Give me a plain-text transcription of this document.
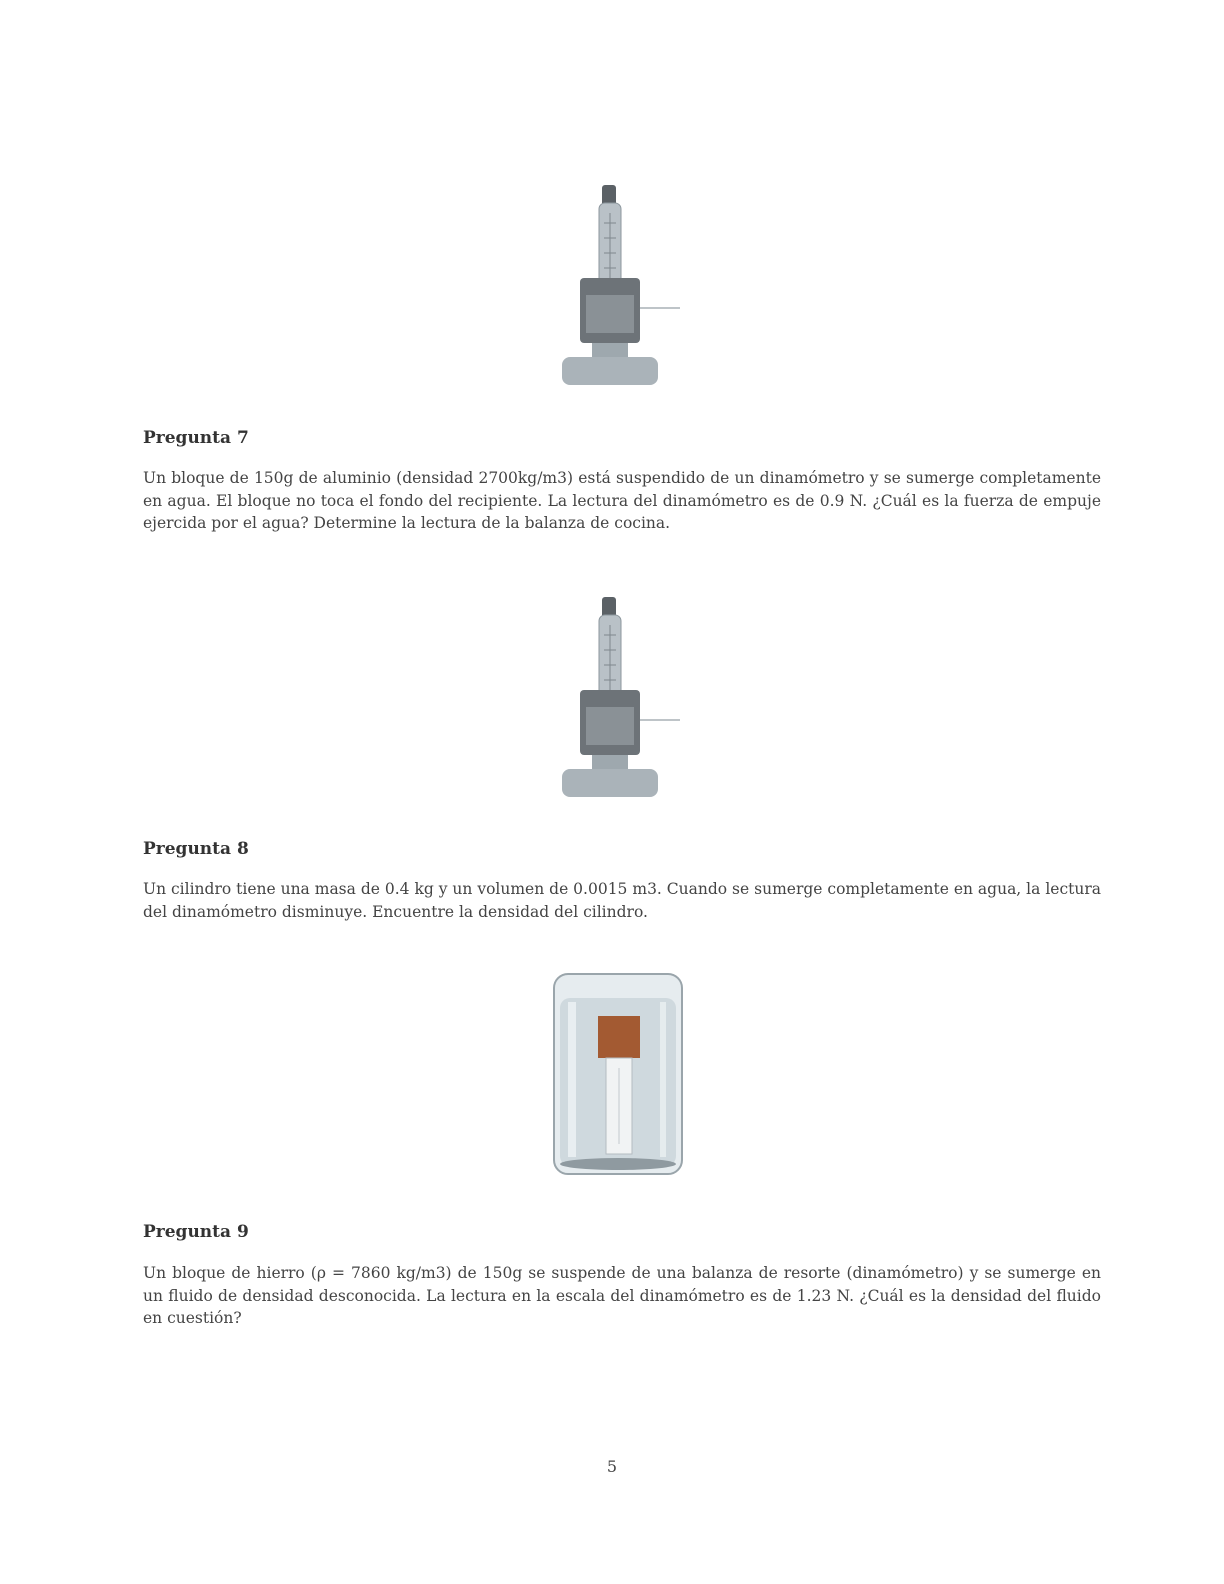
Pregunta 7

Un bloque de 150g de aluminio (densidad 2700kg/m3) está suspendido de un dinamómetro y se sumerge completamente en agua. El bloque no toca el fondo del recipiente. La lectura del dinamómetro es de 0.9 N. ¿Cuál es la fuerza de empuje ejercida por el agua? Determine la lectura de la balanza de cocina.

Pregunta 8

Un cilindro tiene una masa de 0.4 kg y un volumen de 0.0015 m3. Cuando se sumerge completamente en agua, la lectura del dinamómetro disminuye. Encuentre la densidad del cilindro.

Pregunta 9

Un bloque de hierro (ρ = 7860 kg/m3) de 150g se suspende de una balanza de resorte (dinamómetro) y se sumerge en un fluido de densidad desconocida. La lectura en la escala del dinamómetro es de 1.23 N. ¿Cuál es la densidad del fluido en cuestión?

5
